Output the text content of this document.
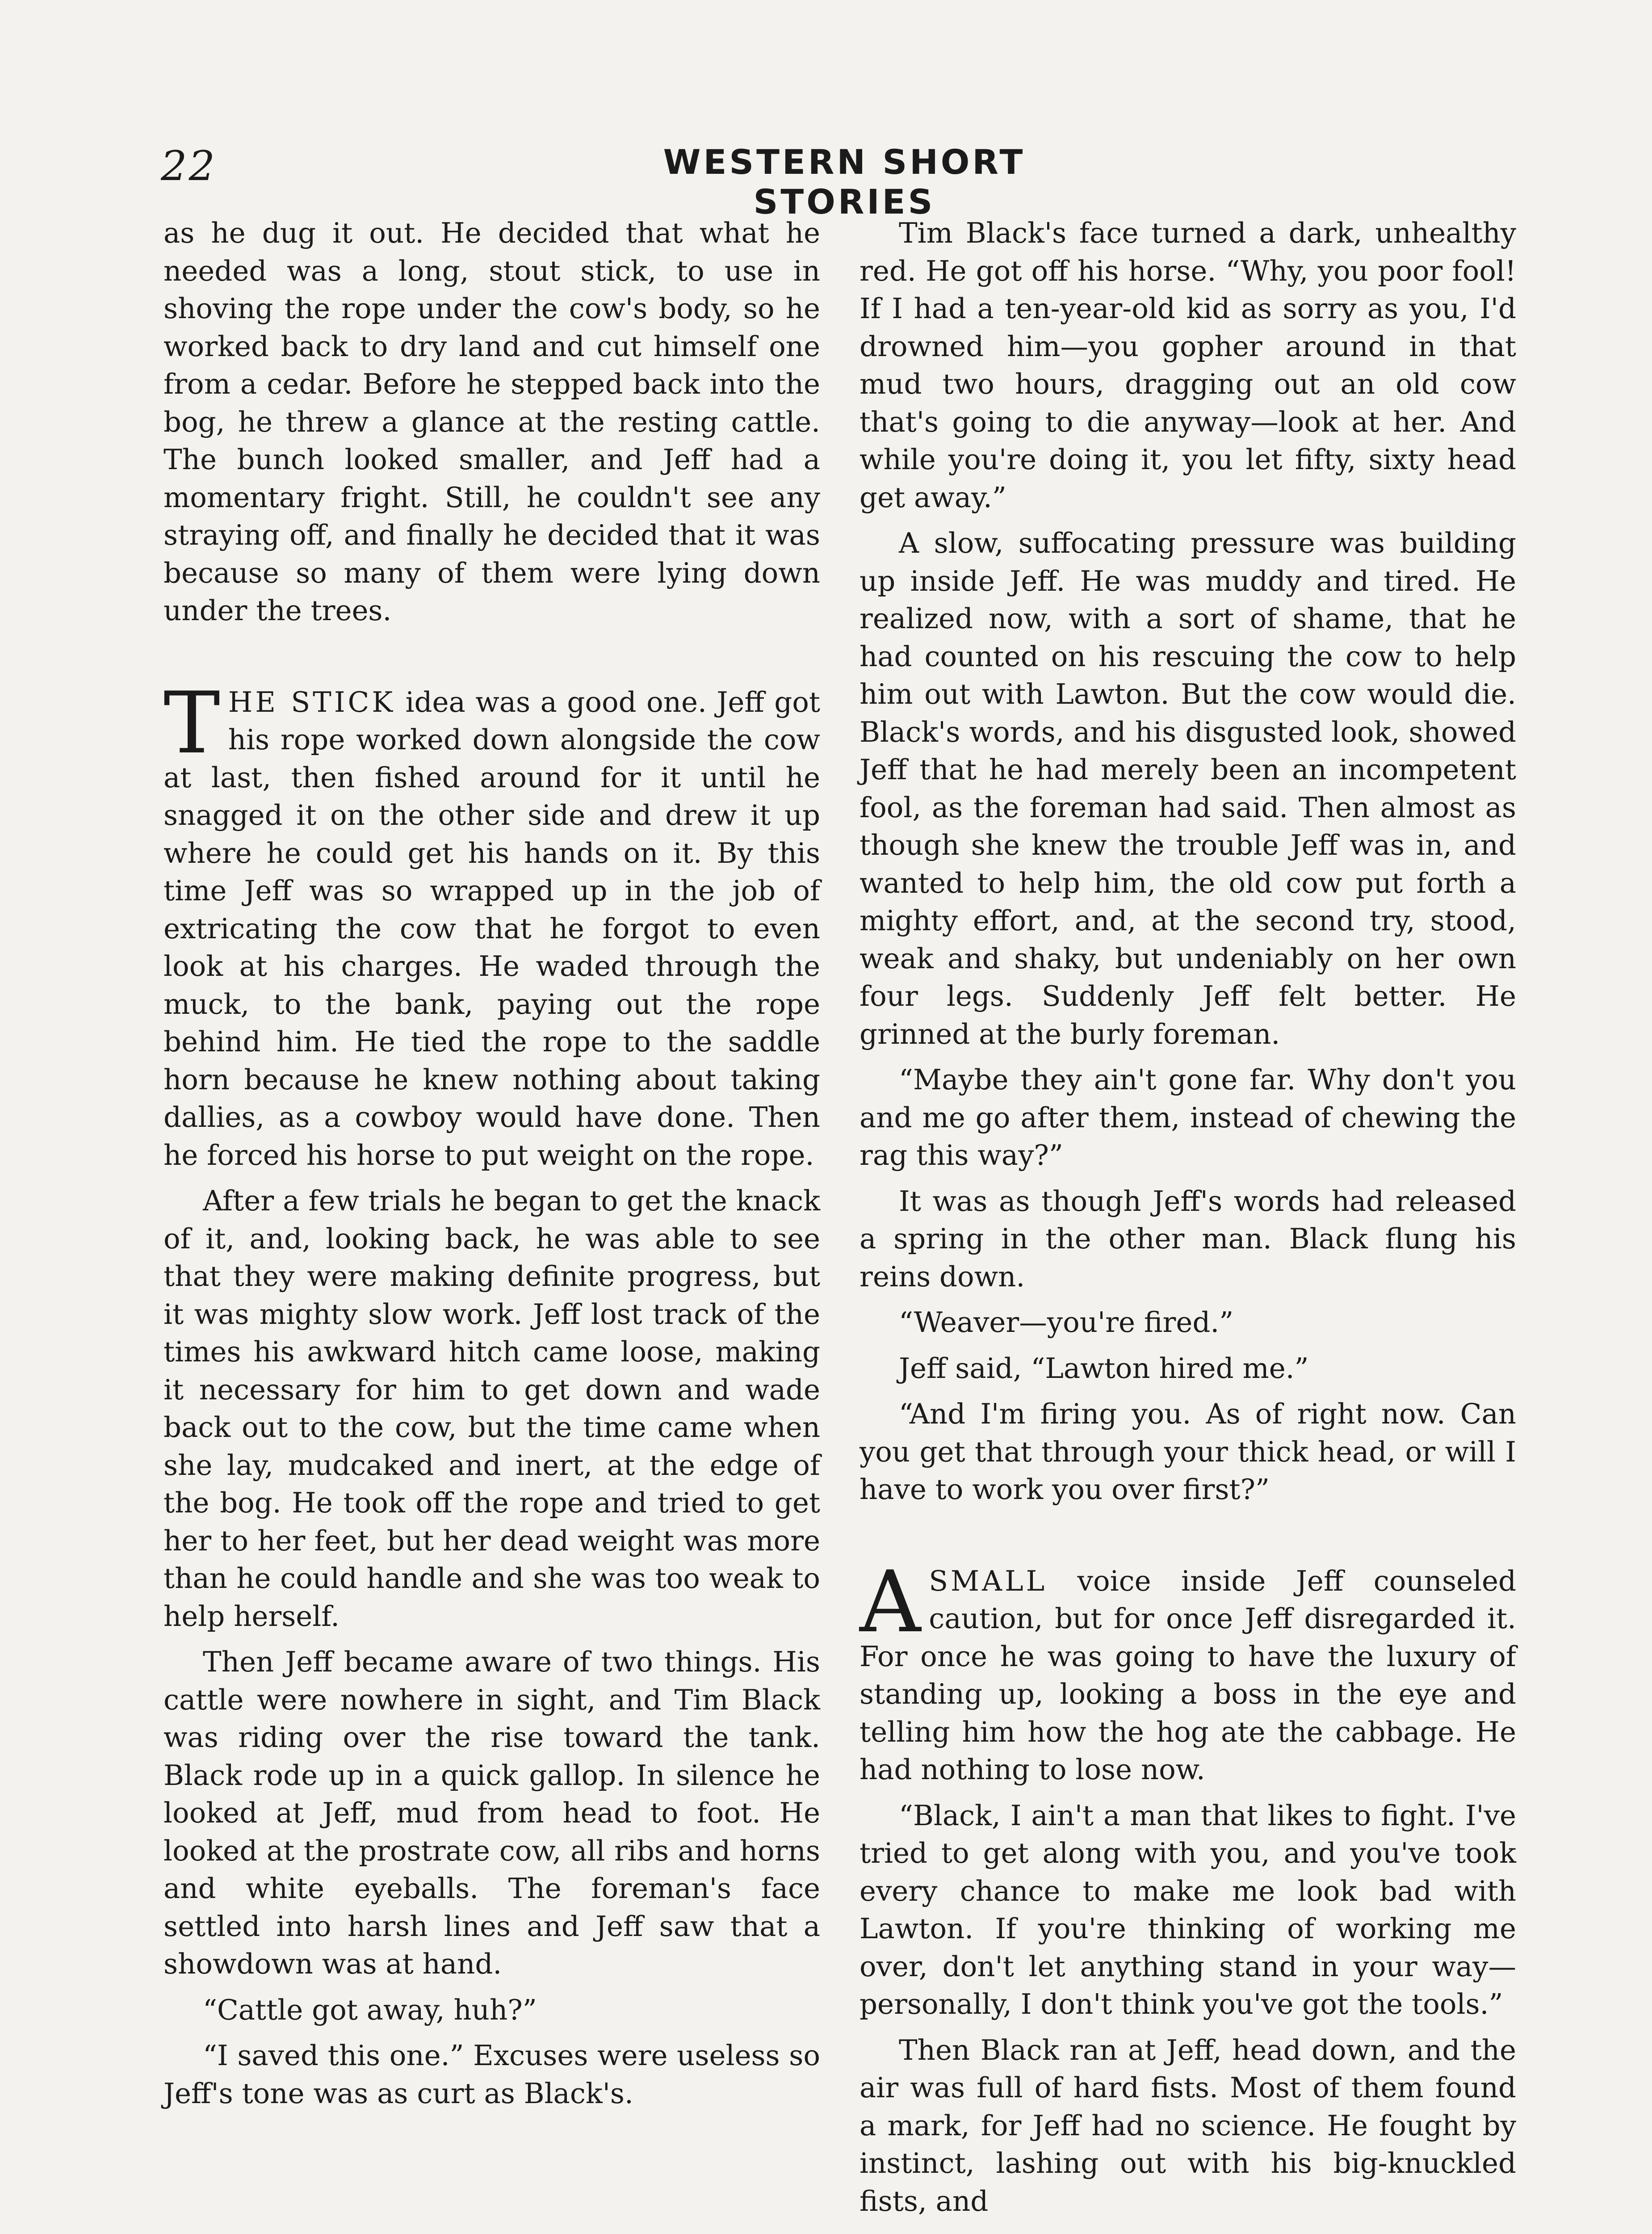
22	WESTERN SHORT STORIES

as he dug it out. He decided that what he needed was a long, stout stick, to use in shoving the rope under the cow's body, so he worked back to dry land and cut himself one from a cedar. Before he stepped back into the bog, he threw a glance at the resting cattle. The bunch looked smaller, and Jeff had a momentary fright. Still, he couldn't see any straying off, and finally he decided that it was because so many of them were lying down under the trees.

THE STICK idea was a good one. Jeff got his rope worked down alongside the cow at last, then fished around for it until he snagged it on the other side and drew it up where he could get his hands on it. By this time Jeff was so wrapped up in the job of extricating the cow that he forgot to even look at his charges. He waded through the muck, to the bank, paying out the rope behind him. He tied the rope to the saddle horn because he knew nothing about taking dallies, as a cowboy would have done. Then he forced his horse to put weight on the rope.

After a few trials he began to get the knack of it, and, looking back, he was able to see that they were making definite progress, but it was mighty slow work. Jeff lost track of the times his awkward hitch came loose, making it necessary for him to get down and wade back out to the cow, but the time came when she lay, mudcaked and inert, at the edge of the bog. He took off the rope and tried to get her to her feet, but her dead weight was more than he could handle and she was too weak to help herself.

Then Jeff became aware of two things. His cattle were nowhere in sight, and Tim Black was riding over the rise toward the tank. Black rode up in a quick gallop. In silence he looked at Jeff, mud from head to foot. He looked at the prostrate cow, all ribs and horns and white eyeballs. The foreman's face settled into harsh lines and Jeff saw that a showdown was at hand.

“Cattle got away, huh?”

“I saved this one.” Excuses were useless so Jeff's tone was as curt as Black's.

Tim Black's face turned a dark, unhealthy red. He got off his horse. “Why, you poor fool! If I had a ten-year-old kid as sorry as you, I'd drowned him—you gopher around in that mud two hours, dragging out an old cow that's going to die anyway—look at her. And while you're doing it, you let fifty, sixty head get away.”

A slow, suffocating pressure was building up inside Jeff. He was muddy and tired. He realized now, with a sort of shame, that he had counted on his rescuing the cow to help him out with Lawton. But the cow would die. Black's words, and his disgusted look, showed Jeff that he had merely been an incompetent fool, as the foreman had said. Then almost as though she knew the trouble Jeff was in, and wanted to help him, the old cow put forth a mighty effort, and, at the second try, stood, weak and shaky, but undeniably on her own four legs. Suddenly Jeff felt better. He grinned at the burly foreman.

“Maybe they ain't gone far. Why don't you and me go after them, instead of chewing the rag this way?”

It was as though Jeff's words had released a spring in the other man. Black flung his reins down.

“Weaver—you're fired.”

Jeff said, “Lawton hired me.”

“And I'm firing you. As of right now. Can you get that through your thick head, or will I have to work you over first?”

ASMALL voice inside Jeff counseled caution, but for once Jeff disregarded it. For once he was going to have the luxury of standing up, looking a boss in the eye and telling him how the hog ate the cabbage. He had nothing to lose now.

“Black, I ain't a man that likes to fight. I've tried to get along with you, and you've took every chance to make me look bad with Lawton. If you're thinking of working me over, don't let anything stand in your way—personally, I don't think you've got the tools.”

Then Black ran at Jeff, head down, and the air was full of hard fists. Most of them found a mark, for Jeff had no science. He fought by instinct, lashing out with his big-knuckled fists, and
